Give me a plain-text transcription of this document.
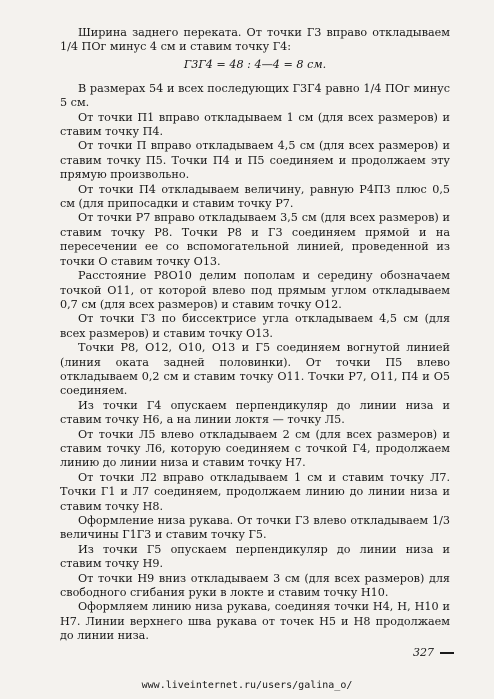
Ширина заднего переката. От точки Г3 вправо откладываем 1/4 ПОг минус 4 см и ставим точку Г4:

Г3Г4 = 48 : 4—4 = 8 см.

В размерах 54 и всех последующих Г3Г4 равно 1/4 ПОг минус 5 см.

От точки П1 вправо откладываем 1 см (для всех размеров) и ставим точку П4.

От точки П вправо откладываем 4,5 см (для всех размеров) и ставим точку П5. Точки П4 и П5 соединяем и продолжаем эту прямую произвольно.

От точки П4 откладываем величину, равную P4П3 плюс 0,5 см (для припосадки и ставим точку P7.

От точки P7 вправо откладываем 3,5 см (для всех размеров) и ставим точку P8. Точки P8 и Г3 соединяем прямой и на пересечении ее со вспомогательной линией, проведенной из точки О ставим точку O13.

Расстояние P8O10 делим пополам и середину обозначаем точкой O11, от которой влево под прямым углом откладываем 0,7 см (для всех размеров) и ставим точку O12.

От точки Г3 по биссектрисе угла откладываем 4,5 см (для всех размеров) и ставим точку O13.

Точки P8, O12, O10, O13 и Г5 соединяем вогнутой линией (линия оката задней половинки). От точки П5 влево откладываем 0,2 см и ставим точку O11. Точки P7, O11, П4 и O5 соединяем.

Из точки Г4 опускаем перпендикуляр до линии низа и ставим точку H6, а на линии локтя — точку Л5.

От точки Л5 влево откладываем 2 см (для всех размеров) и ставим точку Л6, которую соединяем с точкой Г4, продолжаем линию до линии низа и ставим точку H7.

От точки Л2 вправо откладываем 1 см и ставим точку Л7. Точки Г1 и Л7 соединяем, продолжаем линию до линии низа и ставим точку H8.

Оформление низа рукава. От точки Г3 влево откладываем 1/3 величины Г1Г3 и ставим точку Г5.

Из точки Г5 опускаем перпендикуляр до линии низа и ставим точку H9.

От точки H9 вниз откладываем 3 см (для всех размеров) для свободного сгибания руки в локте и ставим точку H10.

Оформляем линию низа рукава, соединяя точки H4, H, H10 и H7. Линии верхнего шва рукава от точек H5 и H8 продолжаем до линии низа.

327
www.liveinternet.ru/users/galina_o/
